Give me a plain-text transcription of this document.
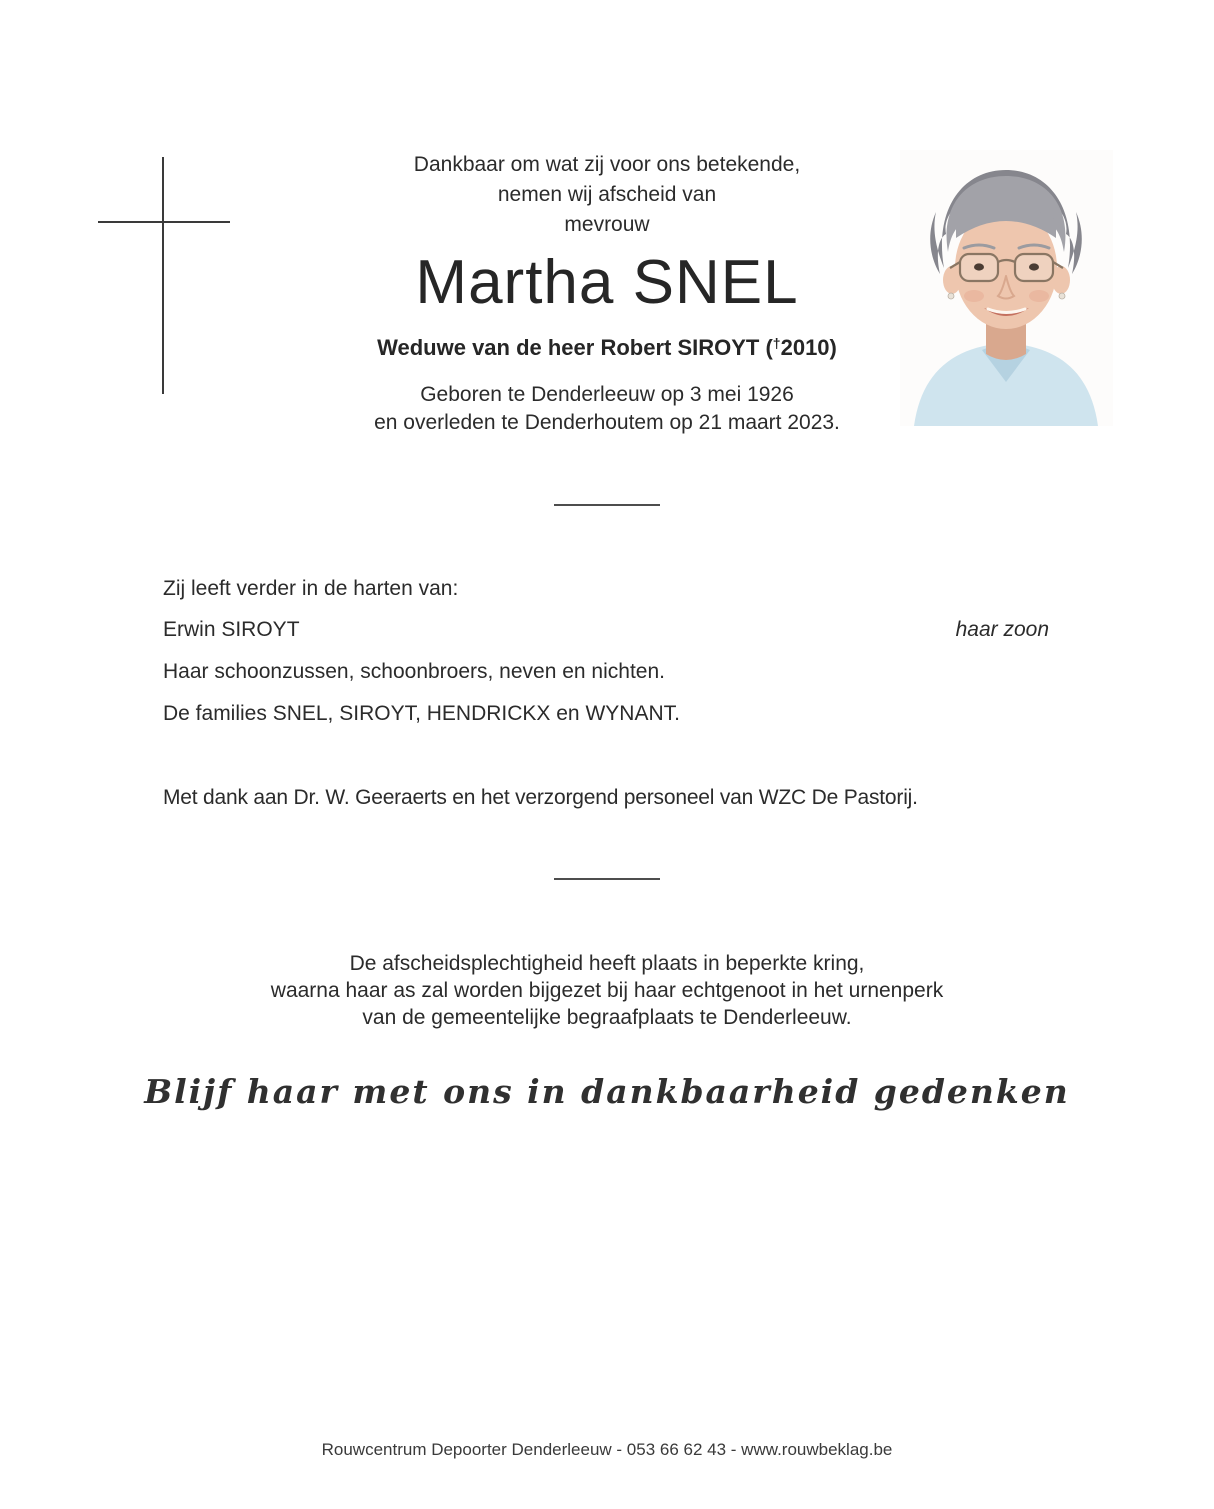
Dankbaar om wat zij voor ons betekende,
nemen wij afscheid van
mevrouw
Martha SNEL
Weduwe van de heer Robert SIROYT (†2010)
Geboren te Denderleeuw op 3 mei 1926
en overleden te Denderhoutem op 21 maart 2023.
Zij leeft verder in de harten van:
Erwin SIROYT	haar zoon
Haar schoonzussen, schoonbroers, neven en nichten.
De families SNEL, SIROYT, HENDRICKX en WYNANT.
Met dank aan Dr. W. Geeraerts en het verzorgend personeel van WZC De Pastorij.
De afscheidsplechtigheid heeft plaats in beperkte kring,
waarna haar as zal worden bijgezet bij haar echtgenoot in het urnenperk
van de gemeentelijke begraafplaats te Denderleeuw.
Blijf haar met ons in dankbaarheid gedenken
Rouwcentrum Depoorter Denderleeuw - 053 66 62 43 - www.rouwbeklag.be
